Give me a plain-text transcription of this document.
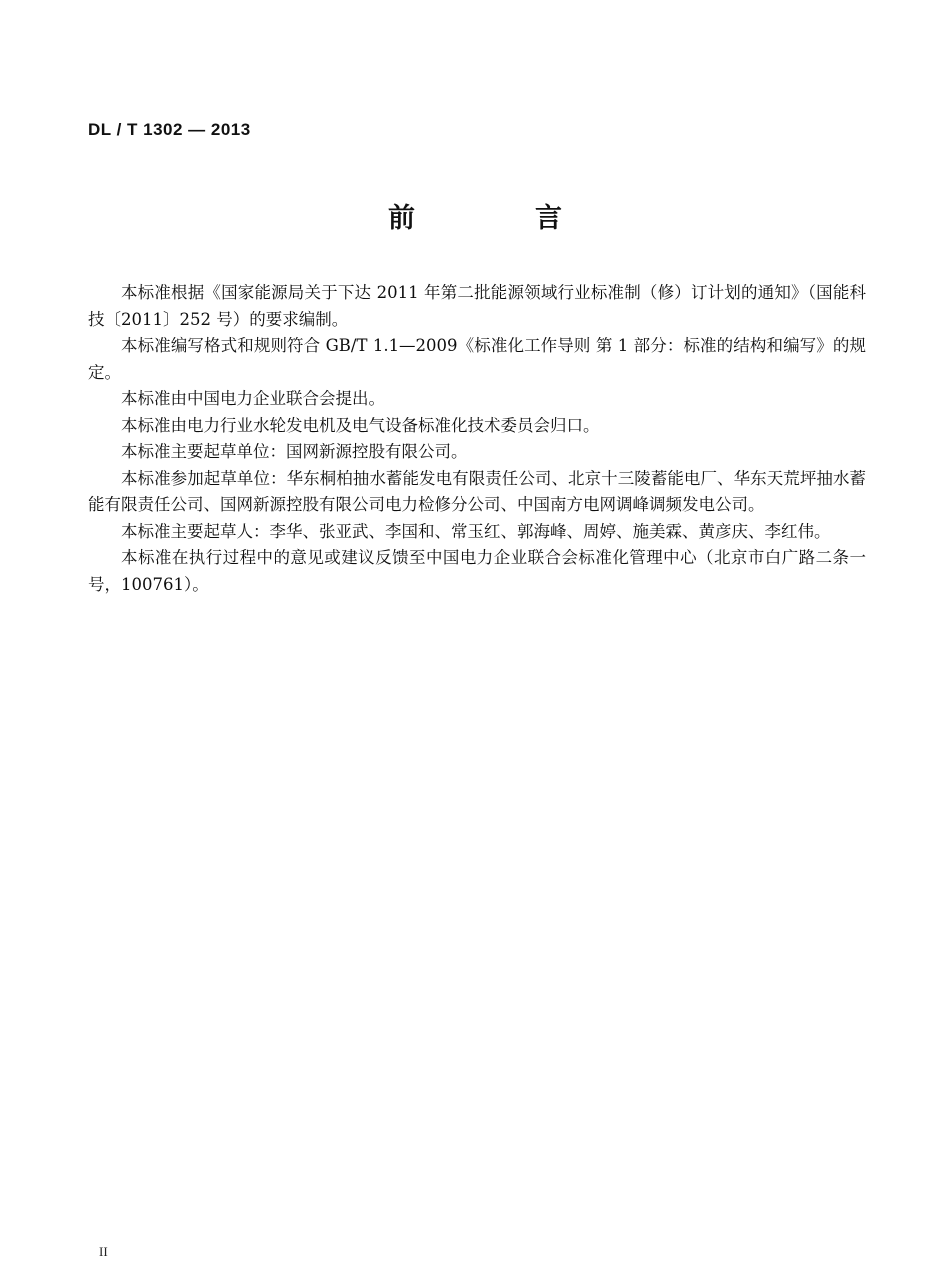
DL / T 1302 — 2013
前　　言

本标准根据《国家能源局关于下达 2011 年第二批能源领域行业标准制（修）订计划的通知》（国能科技〔2011〕252 号）的要求编制。

本标准编写格式和规则符合 GB/T 1.1—2009《标准化工作导则 第 1 部分：标准的结构和编写》的规定。

本标准由中国电力企业联合会提出。

本标准由电力行业水轮发电机及电气设备标准化技术委员会归口。

本标准主要起草单位：国网新源控股有限公司。

本标准参加起草单位：华东桐柏抽水蓄能发电有限责任公司、北京十三陵蓄能电厂、华东天荒坪抽水蓄能有限责任公司、国网新源控股有限公司电力检修分公司、中国南方电网调峰调频发电公司。

本标准主要起草人：李华、张亚武、李国和、常玉红、郭海峰、周婷、施美霖、黄彦庆、李红伟。

本标准在执行过程中的意见或建议反馈至中国电力企业联合会标准化管理中心（北京市白广路二条一号，100761）。

II
